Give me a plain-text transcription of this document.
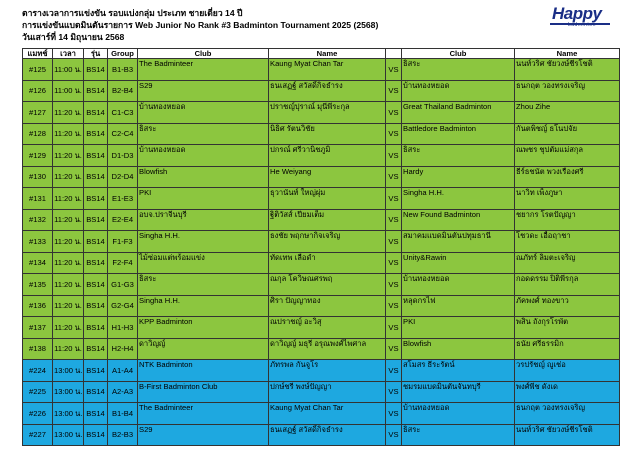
ตารางเวลาการแข่งขัน รอบแบ่งกลุ่ม ประเภท ชายเดี่ยว 14 ปี
การแข่งขันแบดมินตันรายการ Web Junior No Rank #3 Badminton Tournament 2025 (2568)
วันเสาร์ที่ 14 มิถุนายน 2568
Happy
badminton
แมทช์	เวลา	รุ่น	Group	Club	Name		Club	Name
#125	11:00 น.	BS14	B1-B3	The Badminteer	Kaung Myat Chan Tar	VS	ธิสระ	นนท์วริศ ชัยวงษ์ชีรโชติ
#126	11:00 น.	BS14	B2-B4	S29	ธนเสฏฐ์ สวัสดิ์กิจธำรง	VS	บ้านทองหยอด	ธนกฤต วองทรงเจริญ
#127	11:20 น.	BS14	C1-C3	บ้านทองหยอด	ปราชญ์ปุราณ์ มุนีพีระกุล	VS	Great Thailand Badminton	Zhou Zihe
#128	11:20 น.	BS14	C2-C4	ธิสระ	นิธิศ รัตนวิชัย	VS	Battledore Badminton	กันตพิชญ์ ธโนปจัย
#129	11:20 น.	BS14	D1-D3	บ้านทองหยอด	ปกรณ์ ศรีวานิชภูมิ	VS	ธิสระ	ณพชร ชุปตัมแม่สกุล
#130	11:20 น.	BS14	D2-D4	Blowfish	He Weiyang	VS	Hardy	ธีร์ธชนัต พวงเรืองศรี
#131	11:20 น.	BS14	E1-E3	PKI	ธุวานันท์ ใหญ่ผุ่ม	VS	Singha H.H.	นาวิท เพ็งภูษา
#132	11:20 น.	BS14	E2-E4	อบจ.ปราจีนบุรี	ฐิติวัสส์ เปียมเต็ม	VS	New Found Badminton	ชยากร โรตปัญญา
#133	11:20 น.	BS14	F1-F3	Singha H.H.	ธงชัย พฤกษากิจเจริญ	VS	สมาคมแบดมินตันปทุมธานี	โชวดะ เอื้อฤาชา
#134	11:20 น.	BS14	F2-F4	ไม้ซ่อมแต่พร้อมแข่ง	ทัดเทพ เลือดำ	VS	Unity&Rawin	ณภัทร์ ลิ่มตะเจริญ
#135	11:20 น.	BS14	G1-G3	ธิสระ	ณกุล โควิษณศรพฤ	VS	บ้านทองหยอด	กอดดรรม ปิติพีรกุล
#136	11:20 น.	BS14	G2-G4	Singha H.H.	ศิรา ปัญญาทอง	VS	หลุดกรไฟ	ภัคพงศ์ ทองขาว
#137	11:20 น.	BS14	H1-H3	KPP Badminton	ณปราชญ์ อะวิสุ	VS	PKI	พสิน ถังกุรโรพัต
#138	11:20 น.	BS14	H2-H4	ดาวิญญ์	ดาวิญญ์ มธุรี อรุณพงศ์ไพศาล	VS	Blowfish	ธนัย ศรีธรรมิก
#224	13:00 น.	BS14	A1-A4	NTK Badminton	ภัทรพล กันจูโร	VS	สโมสร ธีระรัตน์	วรปรัชญ์ ญูเช่อ
#225	13:00 น.	BS14	A2-A3	B-First Badminton Club	ปกษ์ชรี พงษ์ปัญญา	VS	ชมรมแบดมินตันจันทบุรี	พงศ์พีช ดังเด
#226	13:00 น.	BS14	B1-B4	The Badminteer	Kaung Myat Chan Tar	VS	บ้านทองหยอด	ธนกฤต วองทรงเจริญ
#227	13:00 น.	BS14	B2-B3	S29	ธนเสฏฐ์ สวัสดิ์กิจธำรง	VS	ธิสระ	นนท์วริศ ชัยวงษ์ชีรโชติ
